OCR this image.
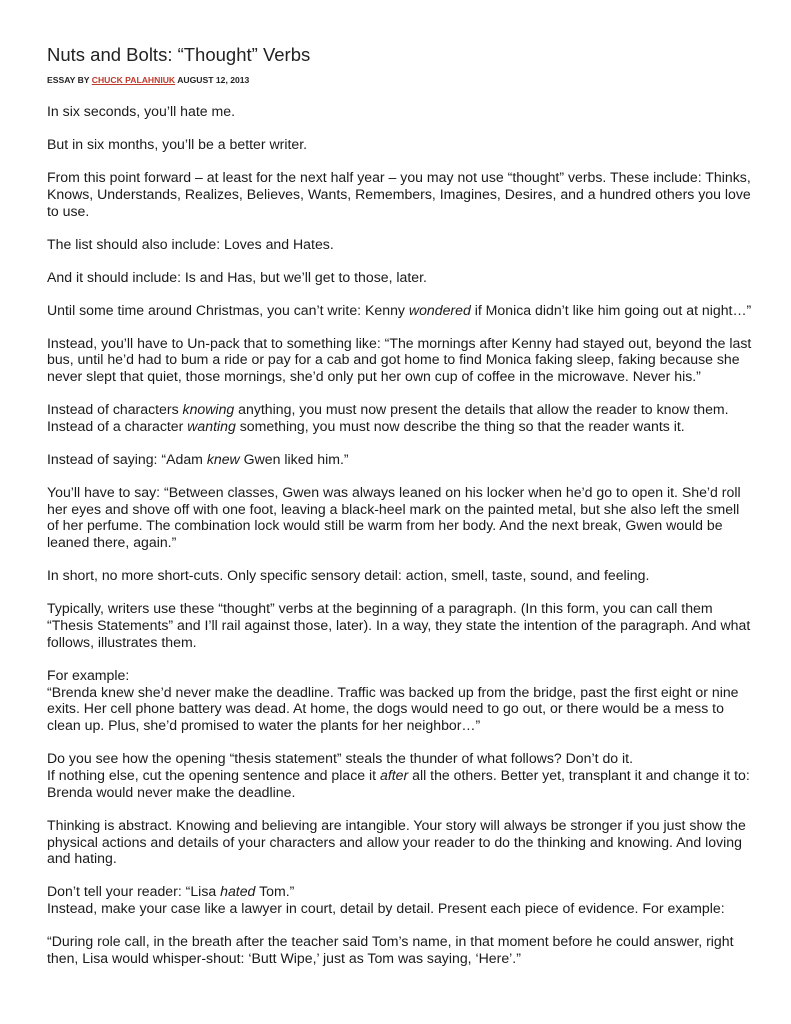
Nuts and Bolts: “Thought” Verbs
ESSAY BY CHUCK PALAHNIUK AUGUST 12, 2013

In six seconds, you’ll hate me.

But in six months, you’ll be a better writer.

From this point forward – at least for the next half year – you may not use “thought” verbs. These include: Thinks, Knows, Understands, Realizes, Believes, Wants, Remembers, Imagines, Desires, and a hundred others you love to use.

The list should also include: Loves and Hates.

And it should include: Is and Has, but we’ll get to those, later.

Until some time around Christmas, you can’t write: Kenny wondered if Monica didn’t like him going out at night…”

Instead, you’ll have to Un-pack that to something like: “The mornings after Kenny had stayed out, beyond the last bus, until he’d had to bum a ride or pay for a cab and got home to find Monica faking sleep, faking because she never slept that quiet, those mornings, she’d only put her own cup of coffee in the microwave. Never his.”

Instead of characters knowing anything, you must now present the details that allow the reader to know them. Instead of a character wanting something, you must now describe the thing so that the reader wants it.

Instead of saying: “Adam knew Gwen liked him.”

You’ll have to say: “Between classes, Gwen was always leaned on his locker when he’d go to open it. She’d roll her eyes and shove off with one foot, leaving a black-heel mark on the painted metal, but she also left the smell of her perfume. The combination lock would still be warm from her body. And the next break, Gwen would be leaned there, again.”

In short, no more short-cuts. Only specific sensory detail: action, smell, taste, sound, and feeling.

Typically, writers use these “thought” verbs at the beginning of a paragraph. (In this form, you can call them “Thesis Statements” and I’ll rail against those, later). In a way, they state the intention of the paragraph. And what follows, illustrates them.

For example:
“Brenda knew she’d never make the deadline. Traffic was backed up from the bridge, past the first eight or nine exits. Her cell phone battery was dead. At home, the dogs would need to go out, or there would be a mess to clean up. Plus, she’d promised to water the plants for her neighbor…”

Do you see how the opening “thesis statement” steals the thunder of what follows? Don’t do it.
If nothing else, cut the opening sentence and place it after all the others. Better yet, transplant it and change it to: Brenda would never make the deadline.

Thinking is abstract. Knowing and believing are intangible. Your story will always be stronger if you just show the physical actions and details of your characters and allow your reader to do the thinking and knowing. And loving and hating.

Don’t tell your reader: “Lisa hated Tom.”
Instead, make your case like a lawyer in court, detail by detail. Present each piece of evidence. For example:

“During role call, in the breath after the teacher said Tom’s name, in that moment before he could answer, right then, Lisa would whisper-shout: ‘Butt Wipe,’ just as Tom was saying, ‘Here’.”
